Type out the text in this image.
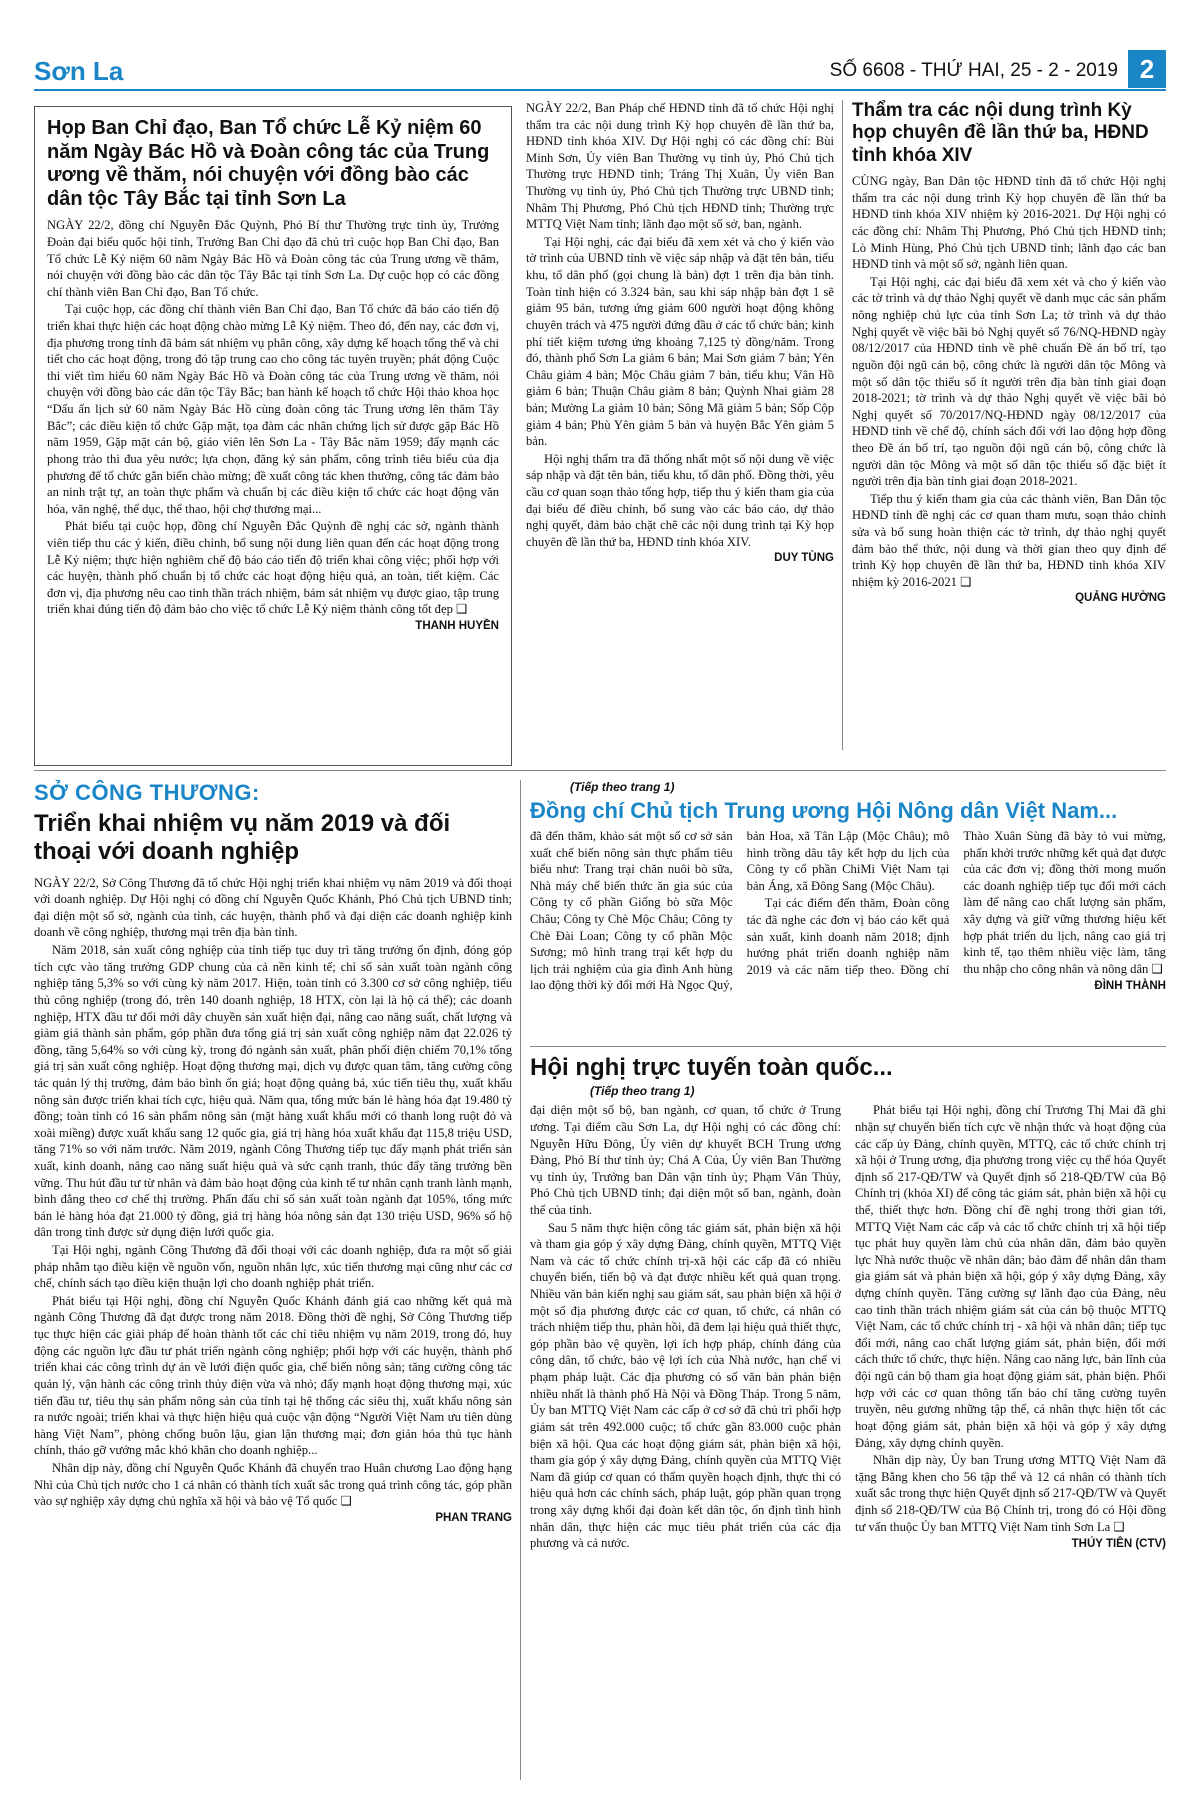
Sơn La	SỐ 6608 - THỨ HAI, 25 - 2 - 2019 2
Họp Ban Chỉ đạo, Ban Tổ chức Lễ Kỷ niệm 60 năm Ngày Bác Hồ và Đoàn công tác của Trung ương về thăm, nói chuyện với đồng bào các dân tộc Tây Bắc tại tỉnh Sơn La

NGÀY 22/2, đồng chí Nguyễn Đắc Quỳnh, Phó Bí thư Thường trực tỉnh ủy, Trưởng Đoàn đại biểu quốc hội tỉnh, Trưởng Ban Chỉ đạo đã chủ trì cuộc họp Ban Chỉ đạo, Ban Tổ chức Lễ Kỷ niệm 60 năm Ngày Bác Hồ và Đoàn công tác của Trung ương về thăm, nói chuyện với đồng bào các dân tộc Tây Bắc tại tỉnh Sơn La. Dự cuộc họp có các đồng chí thành viên Ban Chỉ đạo, Ban Tổ chức.

Tại cuộc họp, các đồng chí thành viên Ban Chỉ đạo, Ban Tổ chức đã báo cáo tiến độ triển khai thực hiện các hoạt động chào mừng Lễ Kỷ niệm. Theo đó, đến nay, các đơn vị, địa phương trong tỉnh đã bám sát nhiệm vụ phân công, xây dựng kế hoạch tổng thể và chi tiết cho các hoạt động, trong đó tập trung cao cho công tác tuyên truyền; phát động Cuộc thi viết tìm hiểu 60 năm Ngày Bác Hồ và Đoàn công tác của Trung ương về thăm, nói chuyện với đồng bào các dân tộc Tây Bắc; ban hành kế hoạch tổ chức Hội thảo khoa học “Dấu ấn lịch sử 60 năm Ngày Bác Hồ cùng đoàn công tác Trung ương lên thăm Tây Bắc”; các điều kiện tổ chức Gặp mặt, tọa đàm các nhân chứng lịch sử được gặp Bác Hồ năm 1959, Gặp mặt cán bộ, giáo viên lên Sơn La - Tây Bắc năm 1959; đẩy mạnh các phong trào thi đua yêu nước; lựa chọn, đăng ký sản phẩm, công trình tiêu biểu của địa phương để tổ chức gắn biển chào mừng; đề xuất công tác khen thưởng, công tác đảm bảo an ninh trật tự, an toàn thực phẩm và chuẩn bị các điều kiện tổ chức các hoạt động văn hóa, văn nghệ, thể dục, thể thao, hội chợ thương mại...

Phát biểu tại cuộc họp, đồng chí Nguyễn Đắc Quỳnh đề nghị các sở, ngành thành viên tiếp thu các ý kiến, điều chỉnh, bổ sung nội dung liên quan đến các hoạt động trong Lễ Kỷ niệm; thực hiện nghiêm chế độ báo cáo tiến độ triển khai công việc; phối hợp với các huyện, thành phố chuẩn bị tổ chức các hoạt động hiệu quả, an toàn, tiết kiệm. Các đơn vị, địa phương nêu cao tinh thần trách nhiệm, bám sát nhiệm vụ được giao, tập trung triển khai đúng tiến độ đảm bảo cho việc tổ chức Lễ Kỷ niệm thành công tốt đẹp ❑

THANH HUYỀN

NGÀY 22/2, Ban Pháp chế HĐND tỉnh đã tổ chức Hội nghị thẩm tra các nội dung trình Kỳ họp chuyên đề lần thứ ba, HĐND tỉnh khóa XIV. Dự Hội nghị có các đồng chí: Bùi Minh Sơn, Ủy viên Ban Thường vụ tỉnh ủy, Phó Chủ tịch Thường trực HĐND tỉnh; Tráng Thị Xuân, Ủy viên Ban Thường vụ tỉnh ủy, Phó Chủ tịch Thường trực UBND tỉnh; Nhâm Thị Phương, Phó Chủ tịch HĐND tỉnh; Thường trực MTTQ Việt Nam tỉnh; lãnh đạo một số sở, ban, ngành.

Tại Hội nghị, các đại biểu đã xem xét và cho ý kiến vào tờ trình của UBND tỉnh về việc sáp nhập và đặt tên bản, tiểu khu, tổ dân phố (gọi chung là bản) đợt 1 trên địa bàn tỉnh. Toàn tỉnh hiện có 3.324 bản, sau khi sáp nhập bản đợt 1 sẽ giảm 95 bản, tương ứng giảm 600 người hoạt động không chuyên trách và 475 người đứng đầu ở các tổ chức bản; kinh phí tiết kiệm tương ứng khoảng 7,125 tỷ đồng/năm. Trong đó, thành phố Sơn La giảm 6 bản; Mai Sơn giảm 7 bản; Yên Châu giảm 4 bản; Mộc Châu giảm 7 bản, tiểu khu; Vân Hồ giảm 6 bản; Thuận Châu giảm 8 bản; Quỳnh Nhai giảm 28 bản; Mường La giảm 10 bản; Sông Mã giảm 5 bản; Sốp Cộp giảm 4 bản; Phù Yên giảm 5 bản và huyện Bắc Yên giảm 5 bản.

Hội nghị thẩm tra đã thống nhất một số nội dung về việc sáp nhập và đặt tên bản, tiểu khu, tổ dân phố. Đồng thời, yêu cầu cơ quan soạn thảo tổng hợp, tiếp thu ý kiến tham gia của đại biểu để điều chỉnh, bổ sung vào các báo cáo, dự thảo nghị quyết, đảm bảo chặt chẽ các nội dung trình tại Kỳ họp chuyên đề lần thứ ba, HĐND tỉnh khóa XIV.

DUY TÙNG
Thẩm tra các nội dung trình Kỳ họp chuyên đề lần thứ ba, HĐND tỉnh khóa XIV

CÙNG ngày, Ban Dân tộc HĐND tỉnh đã tổ chức Hội nghị thẩm tra các nội dung trình Kỳ họp chuyên đề lần thứ ba HĐND tỉnh khóa XIV nhiệm kỳ 2016-2021. Dự Hội nghị có các đồng chí: Nhâm Thị Phương, Phó Chủ tịch HĐND tỉnh; Lò Minh Hùng, Phó Chủ tịch UBND tỉnh; lãnh đạo các ban HĐND tỉnh và một số sở, ngành liên quan.

Tại Hội nghị, các đại biểu đã xem xét và cho ý kiến vào các tờ trình và dự thảo Nghị quyết về danh mục các sản phẩm nông nghiệp chủ lực của tỉnh Sơn La; tờ trình và dự thảo Nghị quyết về việc bãi bỏ Nghị quyết số 76/NQ-HĐND ngày 08/12/2017 của HĐND tỉnh về phê chuẩn Đề án bố trí, tạo nguồn đội ngũ cán bộ, công chức là người dân tộc Mông và một số dân tộc thiểu số ít người trên địa bàn tỉnh giai đoạn 2018-2021; tờ trình và dự thảo Nghị quyết về việc bãi bỏ Nghị quyết số 70/2017/NQ-HĐND ngày 08/12/2017 của HĐND tỉnh về chế độ, chính sách đối với lao động hợp đồng theo Đề án bố trí, tạo nguồn đội ngũ cán bộ, công chức là người dân tộc Mông và một số dân tộc thiểu số đặc biệt ít người trên địa bàn tỉnh giai đoạn 2018-2021.

Tiếp thu ý kiến tham gia của các thành viên, Ban Dân tộc HĐND tỉnh đề nghị các cơ quan tham mưu, soạn thảo chỉnh sửa và bổ sung hoàn thiện các tờ trình, dự thảo nghị quyết đảm bảo thể thức, nội dung và thời gian theo quy định để trình Kỳ họp chuyên đề lần thứ ba, HĐND tỉnh khóa XIV nhiệm kỳ 2016-2021 ❑

QUẢNG HƯỜNG
SỞ CÔNG THƯƠNG:
Triển khai nhiệm vụ năm 2019 và đối thoại với doanh nghiệp

NGÀY 22/2, Sở Công Thương đã tổ chức Hội nghị triển khai nhiệm vụ năm 2019 và đối thoại với doanh nghiệp. Dự Hội nghị có đồng chí Nguyễn Quốc Khánh, Phó Chủ tịch UBND tỉnh; đại diện một số sở, ngành của tỉnh, các huyện, thành phố và đại diện các doanh nghiệp kinh doanh về công nghiệp, thương mại trên địa bàn tỉnh.

Năm 2018, sản xuất công nghiệp của tỉnh tiếp tục duy trì tăng trưởng ổn định, đóng góp tích cực vào tăng trưởng GDP chung của cả nền kinh tế; chỉ số sản xuất toàn ngành công nghiệp tăng 5,3% so với cùng kỳ năm 2017. Hiện, toàn tỉnh có 3.300 cơ sở công nghiệp, tiểu thủ công nghiệp (trong đó, trên 140 doanh nghiệp, 18 HTX, còn lại là hộ cá thể); các doanh nghiệp, HTX đầu tư đổi mới dây chuyền sản xuất hiện đại, nâng cao năng suất, chất lượng và giảm giá thành sản phẩm, góp phần đưa tổng giá trị sản xuất công nghiệp năm đạt 22.026 tỷ đồng, tăng 5,64% so với cùng kỳ, trong đó ngành sản xuất, phân phối điện chiếm 70,1% tổng giá trị sản xuất công nghiệp. Hoạt động thương mại, dịch vụ được quan tâm, tăng cường công tác quản lý thị trường, đảm bảo bình ổn giá; hoạt động quảng bá, xúc tiến tiêu thụ, xuất khẩu nông sản được triển khai tích cực, hiệu quả. Năm qua, tổng mức bán lẻ hàng hóa đạt 19.480 tỷ đồng; toàn tỉnh có 16 sản phẩm nông sản (mặt hàng xuất khẩu mới có thanh long ruột đỏ và xoài miềng) được xuất khẩu sang 12 quốc gia, giá trị hàng hóa xuất khẩu đạt 115,8 triệu USD, tăng 71% so với năm trước. Năm 2019, ngành Công Thương tiếp tục đẩy mạnh phát triển sản xuất, kinh doanh, nâng cao năng suất hiệu quả và sức cạnh tranh, thúc đẩy tăng trưởng bền vững. Thu hút đầu tư từ nhân và đảm bảo hoạt động của kinh tế tư nhân cạnh tranh lành mạnh, bình đẳng theo cơ chế thị trường. Phấn đấu chỉ số sản xuất toàn ngành đạt 105%, tổng mức bán lẻ hàng hóa đạt 21.000 tỷ đồng, giá trị hàng hóa nông sản đạt 130 triệu USD, 96% số hộ dân trong tỉnh được sử dụng điện lưới quốc gia.

Tại Hội nghị, ngành Công Thương đã đối thoại với các doanh nghiệp, đưa ra một số giải pháp nhằm tạo điều kiện về nguồn vốn, nguồn nhân lực, xúc tiến thương mại cũng như các cơ chế, chính sách tạo điều kiện thuận lợi cho doanh nghiệp phát triển.

Phát biểu tại Hội nghị, đồng chí Nguyễn Quốc Khánh đánh giá cao những kết quả mà ngành Công Thương đã đạt được trong năm 2018. Đồng thời đề nghị, Sở Công Thương tiếp tục thực hiện các giải pháp để hoàn thành tốt các chỉ tiêu nhiệm vụ năm 2019, trong đó, huy động các nguồn lực đầu tư phát triển ngành công nghiệp; phối hợp với các huyện, thành phố triển khai các công trình dự án về lưới điện quốc gia, chế biến nông sản; tăng cường công tác quản lý, vận hành các công trình thủy điện vừa và nhỏ; đẩy mạnh hoạt động thương mại, xúc tiến đầu tư, tiêu thụ sản phẩm nông sản của tỉnh tại hệ thống các siêu thị, xuất khẩu nông sản ra nước ngoài; triển khai và thực hiện hiệu quả cuộc vận động “Người Việt Nam ưu tiên dùng hàng Việt Nam”, phòng chống buôn lậu, gian lận thương mại; đơn giản hóa thủ tục hành chính, tháo gỡ vướng mắc khó khăn cho doanh nghiệp...

Nhân dịp này, đồng chí Nguyễn Quốc Khánh đã chuyển trao Huân chương Lao động hạng Nhì của Chủ tịch nước cho 1 cá nhân có thành tích xuất sắc trong quá trình công tác, góp phần vào sự nghiệp xây dựng chủ nghĩa xã hội và bảo vệ Tổ quốc ❑

PHAN TRANG
(Tiếp theo trang 1)
Đồng chí Chủ tịch Trung ương Hội Nông dân Việt Nam...

đã đến thăm, khảo sát một số cơ sở sản xuất chế biến nông sản thực phẩm tiêu biểu như: Trang trại chăn nuôi bò sữa, Nhà máy chế biến thức ăn gia súc của Công ty cổ phần Giống bò sữa Mộc Châu; Công ty Chè Mộc Châu; Công ty Chè Đài Loan; Công ty cổ phần Mộc Sương; mô hình trang trại kết hợp du lịch trải nghiệm của gia đình Anh hùng lao động thời kỳ đổi mới Hà Ngọc Quý, bản Hoa, xã Tân Lập (Mộc Châu); mô hình trồng dâu tây kết hợp du lịch của Công ty cổ phần ChiMi Việt Nam tại bản Áng, xã Đông Sang (Mộc Châu).

Tại các điểm đến thăm, Đoàn công tác đã nghe các đơn vị báo cáo kết quả sản xuất, kinh doanh năm 2018; định hướng phát triển doanh nghiệp năm 2019 và các năm tiếp theo. Đồng chí Thào Xuân Sùng đã bày tỏ vui mừng, phấn khởi trước những kết quả đạt được của các đơn vị; đồng thời mong muốn các doanh nghiệp tiếp tục đổi mới cách làm để nâng cao chất lượng sản phẩm, xây dựng và giữ vững thương hiệu kết hợp phát triển du lịch, nâng cao giá trị kinh tế, tạo thêm nhiều việc làm, tăng thu nhập cho công nhân và nông dân ❑

ĐÌNH THÀNH
Hội nghị trực tuyến toàn quốc...
(Tiếp theo trang 1)

đại diện một số bộ, ban ngành, cơ quan, tổ chức ở Trung ương. Tại điểm cầu Sơn La, dự Hội nghị có các đồng chí: Nguyễn Hữu Đông, Ủy viên dự khuyết BCH Trung ương Đảng, Phó Bí thư tỉnh ủy; Chá A Của, Ủy viên Ban Thường vụ tỉnh ủy, Trưởng ban Dân vận tỉnh ủy; Phạm Văn Thủy, Phó Chủ tịch UBND tỉnh; đại diện một số ban, ngành, đoàn thể của tỉnh.

Sau 5 năm thực hiện công tác giám sát, phản biện xã hội và tham gia góp ý xây dựng Đảng, chính quyền, MTTQ Việt Nam và các tổ chức chính trị-xã hội các cấp đã có nhiều chuyển biến, tiến bộ và đạt được nhiều kết quả quan trọng. Nhiều văn bản kiến nghị sau giám sát, sau phản biện xã hội ở một số địa phương được các cơ quan, tổ chức, cá nhân có trách nhiệm tiếp thu, phản hồi, đã đem lại hiệu quả thiết thực, góp phần bảo vệ quyền, lợi ích hợp pháp, chính đáng của công dân, tổ chức, bảo vệ lợi ích của Nhà nước, hạn chế vi phạm pháp luật. Các địa phương có số văn bản phản biện nhiều nhất là thành phố Hà Nội và Đồng Tháp. Trong 5 năm, Ủy ban MTTQ Việt Nam các cấp ở cơ sở đã chủ trì phối hợp giám sát trên 492.000 cuộc; tổ chức gần 83.000 cuộc phản biện xã hội. Qua các hoạt động giám sát, phản biện xã hội, tham gia góp ý xây dựng Đảng, chính quyền của MTTQ Việt Nam đã giúp cơ quan có thẩm quyền hoạch định, thực thi có hiệu quả hơn các chính sách, pháp luật, góp phần quan trọng trong xây dựng khối đại đoàn kết dân tộc, ổn định tình hình nhân dân, thực hiện các mục tiêu phát triển của các địa phương và cả nước.

Phát biểu tại Hội nghị, đồng chí Trương Thị Mai đã ghi nhận sự chuyển biến tích cực về nhận thức và hoạt động của các cấp ủy Đảng, chính quyền, MTTQ, các tổ chức chính trị xã hội ở Trung ương, địa phương trong việc cụ thể hóa Quyết định số 217-QĐ/TW và Quyết định số 218-QĐ/TW của Bộ Chính trị (khóa XI) để công tác giám sát, phản biện xã hội cụ thể, thiết thực hơn. Đồng chí đề nghị trong thời gian tới, MTTQ Việt Nam các cấp và các tổ chức chính trị xã hội tiếp tục phát huy quyền làm chủ của nhân dân, đảm bảo quyền lực Nhà nước thuộc về nhân dân; bảo đảm để nhân dân tham gia giám sát và phản biện xã hội, góp ý xây dựng Đảng, xây dựng chính quyền. Tăng cường sự lãnh đạo của Đảng, nêu cao tinh thần trách nhiệm giám sát của cán bộ thuộc MTTQ Việt Nam, các tổ chức chính trị - xã hội và nhân dân; tiếp tục đổi mới, nâng cao chất lượng giám sát, phản biện, đổi mới cách thức tổ chức, thực hiện. Nâng cao năng lực, bản lĩnh của đội ngũ cán bộ tham gia hoạt động giám sát, phản biện. Phối hợp với các cơ quan thông tấn báo chí tăng cường tuyên truyền, nêu gương những tập thể, cá nhân thực hiện tốt các hoạt động giám sát, phản biện xã hội và góp ý xây dựng Đảng, xây dựng chính quyền.

Nhân dịp này, Ủy ban Trung ương MTTQ Việt Nam đã tặng Bằng khen cho 56 tập thể và 12 cá nhân có thành tích xuất sắc trong thực hiện Quyết định số 217-QĐ/TW và Quyết định số 218-QĐ/TW của Bộ Chính trị, trong đó có Hội đồng tư vấn thuộc Ủy ban MTTQ Việt Nam tỉnh Sơn La ❑

THÚY TIÊN (CTV)
